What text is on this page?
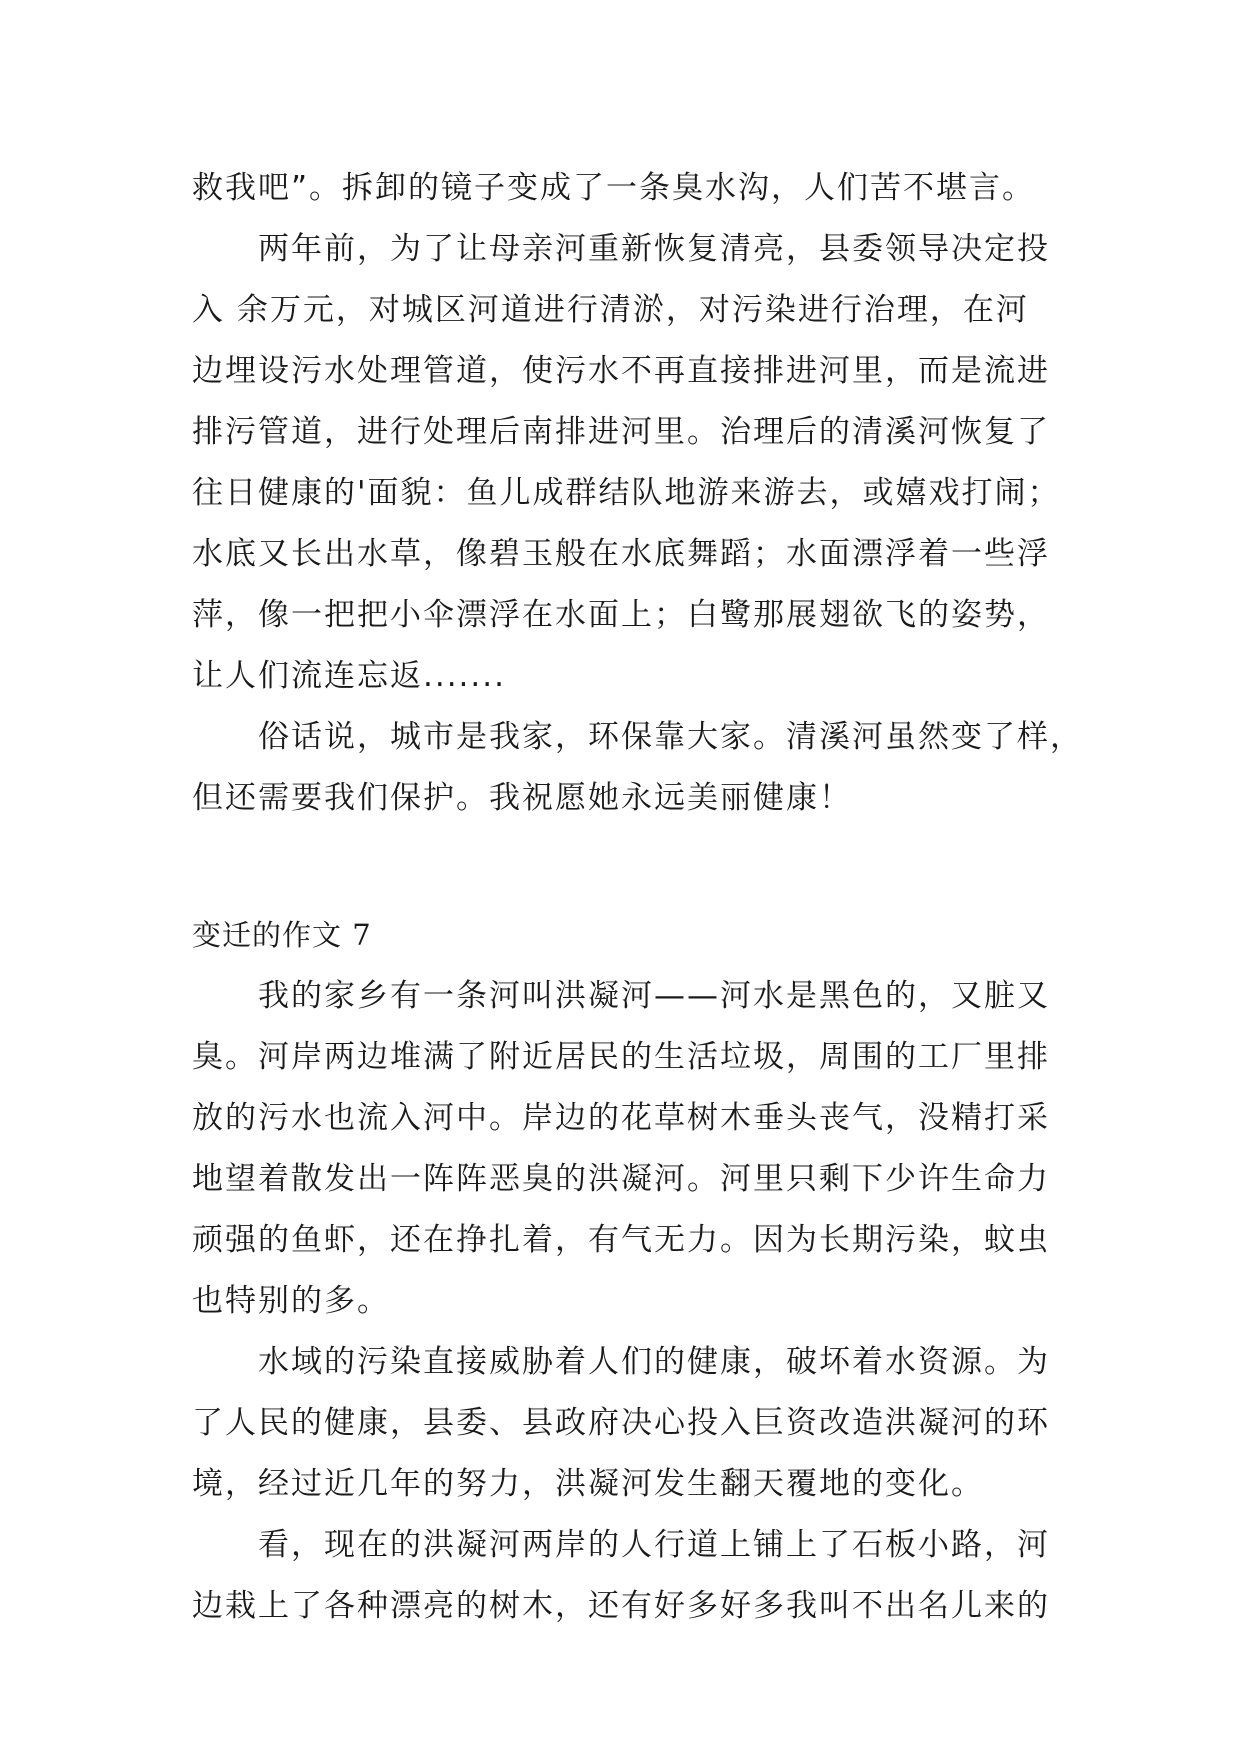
救我吧”。拆卸的镜子变成了一条臭水沟，人们苦不堪言。
两年前，为了让母亲河重新恢复清亮，县委领导决定投
入 余万元，对城区河道进行清淤，对污染进行治理，在河
边埋设污水处理管道，使污水不再直接排进河里，而是流进
排污管道，进行处理后南排进河里。治理后的清溪河恢复了
往日健康的'面貌：鱼儿成群结队地游来游去，或嬉戏打闹；
水底又长出水草，像碧玉般在水底舞蹈；水面漂浮着一些浮
萍，像一把把小伞漂浮在水面上；白鹭那展翅欲飞的姿势，
让人们流连忘返.......
俗话说，城市是我家，环保靠大家。清溪河虽然变了样，
但还需要我们保护。我祝愿她永远美丽健康！
变迁的作文 7
我的家乡有一条河叫洪凝河——河水是黑色的，又脏又
臭。河岸两边堆满了附近居民的生活垃圾，周围的工厂里排
放的污水也流入河中。岸边的花草树木垂头丧气，没精打采
地望着散发出一阵阵恶臭的洪凝河。河里只剩下少许生命力
顽强的鱼虾，还在挣扎着，有气无力。因为长期污染，蚊虫
也特别的多。
水域的污染直接威胁着人们的健康，破坏着水资源。为
了人民的健康，县委、县政府决心投入巨资改造洪凝河的环
境，经过近几年的努力，洪凝河发生翻天覆地的变化。
看，现在的洪凝河两岸的人行道上铺上了石板小路，河
边栽上了各种漂亮的树木，还有好多好多我叫不出名儿来的
